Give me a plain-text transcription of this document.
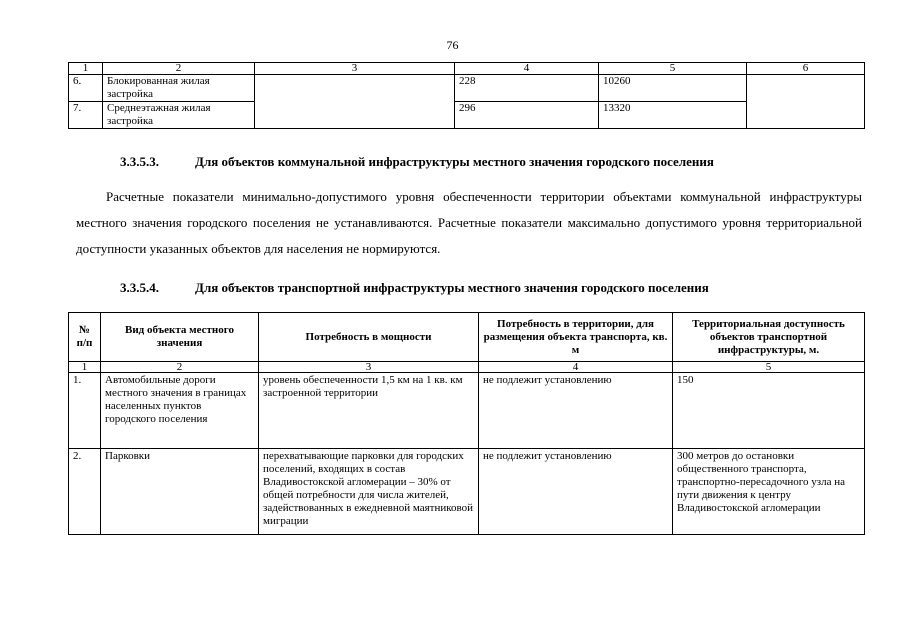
76
1	2	3	4	5	6
6.	Блокированная жилая застройка		228	10260	
7.	Среднеэтажная жилая застройка		296	13320	
3.3.5.3.	Для объектов коммунальной инфраструктуры местного значения городского поселения
Расчетные показатели минимально-допустимого уровня обеспеченности территории объектами коммунальной инфраструктуры местного значения городского поселения не устанавливаются. Расчетные показатели максимально допустимого уровня территориальной доступности указанных объектов для населения не нормируются.
3.3.5.4.	Для объектов транспортной инфраструктуры местного значения городского поселения
№ п/п	Вид объекта местного значения	Потребность в мощности	Потребность в территории, для размещения объекта транспорта, кв. м	Территориальная доступность объектов транспортной инфраструктуры, м.
1	2	3	4	5
1.	Автомобильные дороги местного значения в границах населенных пунктов городского поселения	уровень обеспеченности 1,5 км на 1 кв. км застроенной территории	не подлежит установлению	150
2.	Парковки	перехватывающие парковки для городских поселений, входящих в состав Владивостокской агломерации – 30% от общей потребности для числа жителей, задействованных в ежедневной маятниковой миграции	не подлежит установлению	300 метров до остановки общественного транспорта, транспортно-пересадочного узла на пути движения к центру Владивостокской агломерации
